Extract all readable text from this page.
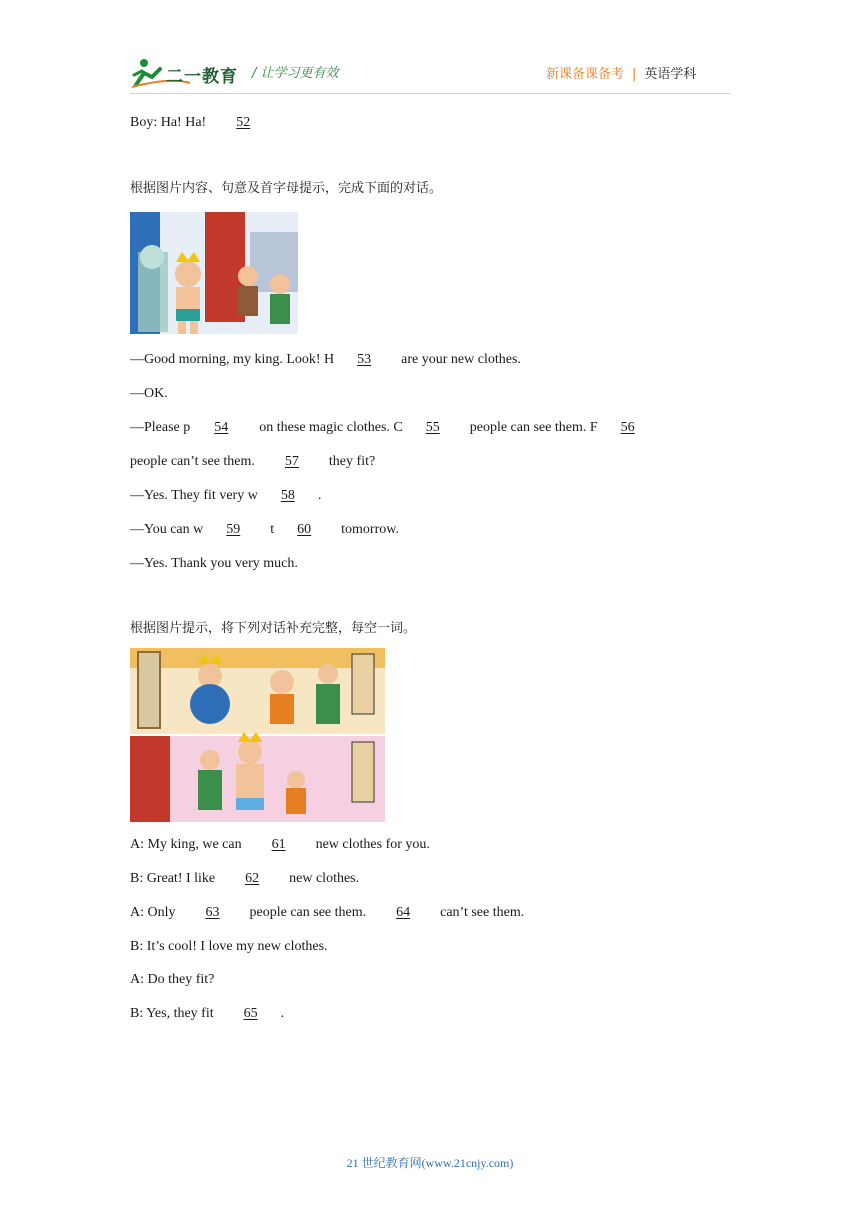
二一教育 / 让学习更有效	新课备课备考 | 英语学科
Boy: Ha! Ha!  52
根据图片内容、句意及首字母提示，完成下面的对话。
—Good morning, my king. Look! H 53  are your new clothes.
—OK.
—Please p 54  on these magic clothes. C 55  people can see them. F 56
people can’t see them.  57  they fit?
—Yes. They fit very w 58 .
—You can w 59  t 60  tomorrow.
—Yes. Thank you very much.
根据图片提示，将下列对话补充完整，每空一词。
A: My king, we can  61  new clothes for you.
B: Great! I like  62  new clothes.
A: Only  63  people can see them.  64  can’t see them.
B: It’s cool! I love my new clothes.
A: Do they fit?
B: Yes, they fit  65 .
21 世纪教育网(www.21cnjy.com)
